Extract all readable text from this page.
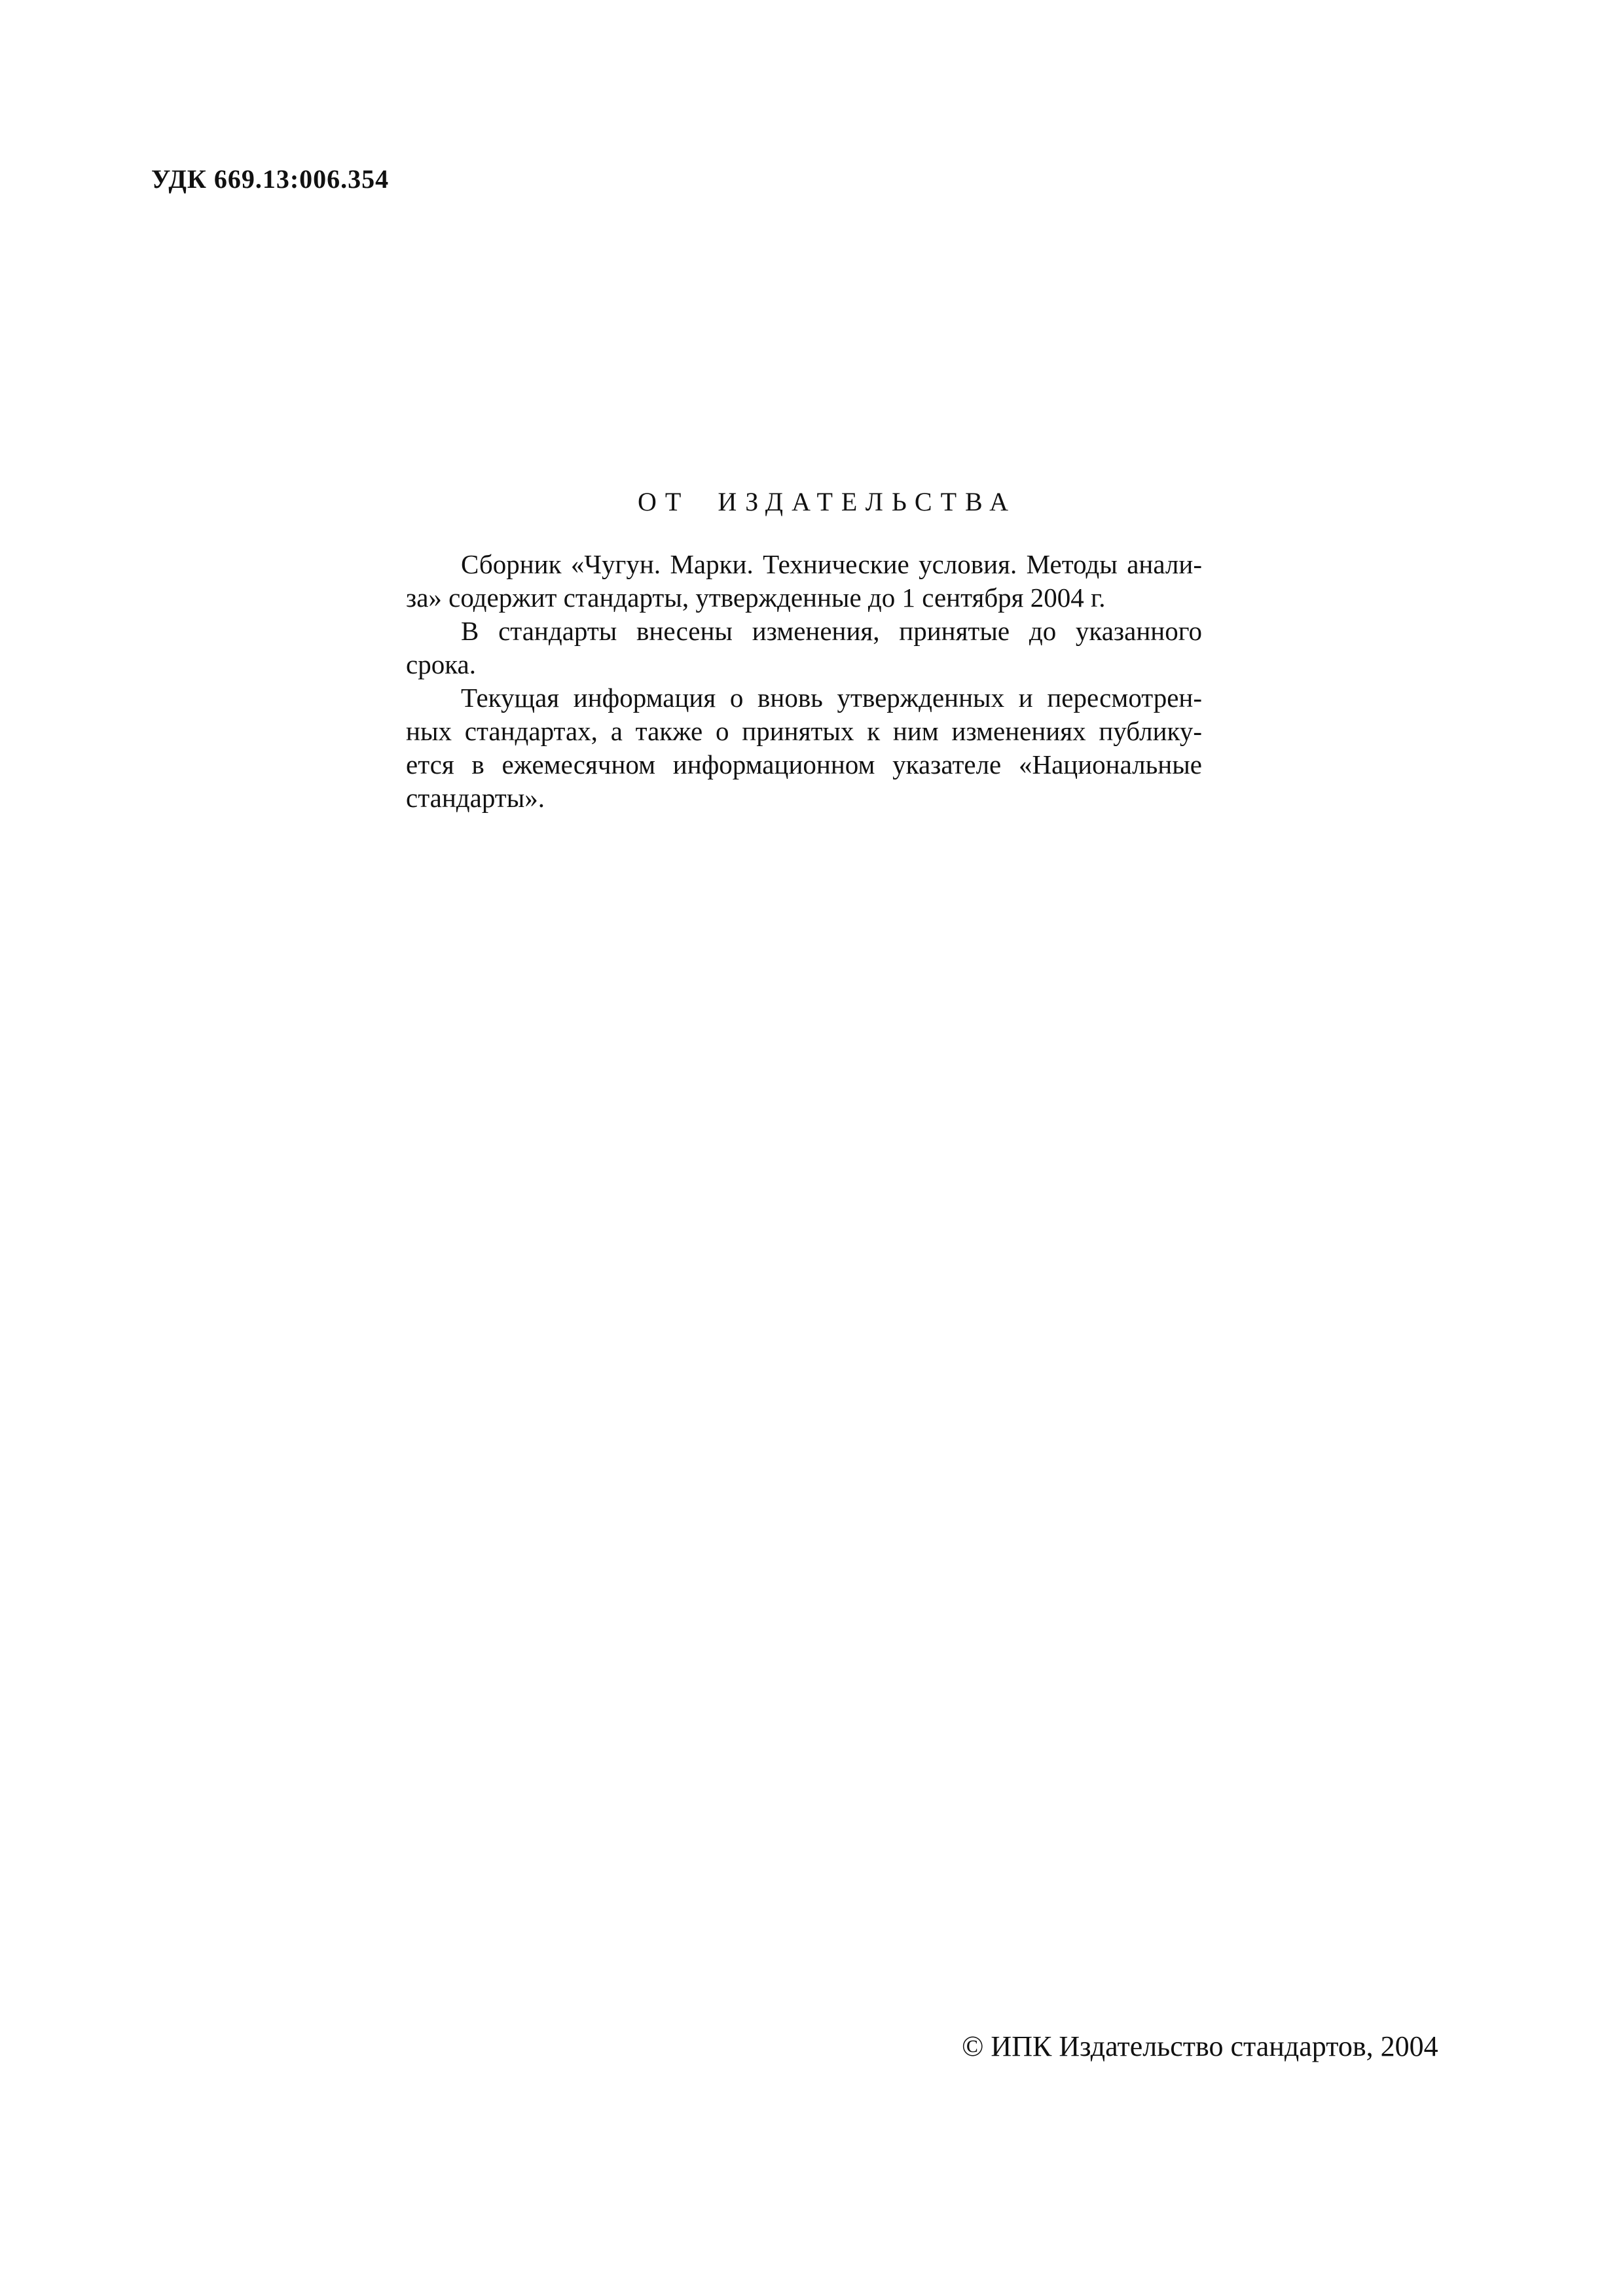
УДК 669.13:006.354
ОТ ИЗДАТЕЛЬСТВА
Сборник «Чугун. Марки. Технические условия. Методы анали-
за» содержит стандарты, утвержденные до 1 сентября 2004 г.
В стандарты внесены изменения, принятые до указанного
срока.
Текущая информация о вновь утвержденных и пересмотрен-
ных стандартах, а также о принятых к ним изменениях публику-
ется в ежемесячном информационном указателе «Национальные
стандарты».
© ИПК Издательство стандартов, 2004
